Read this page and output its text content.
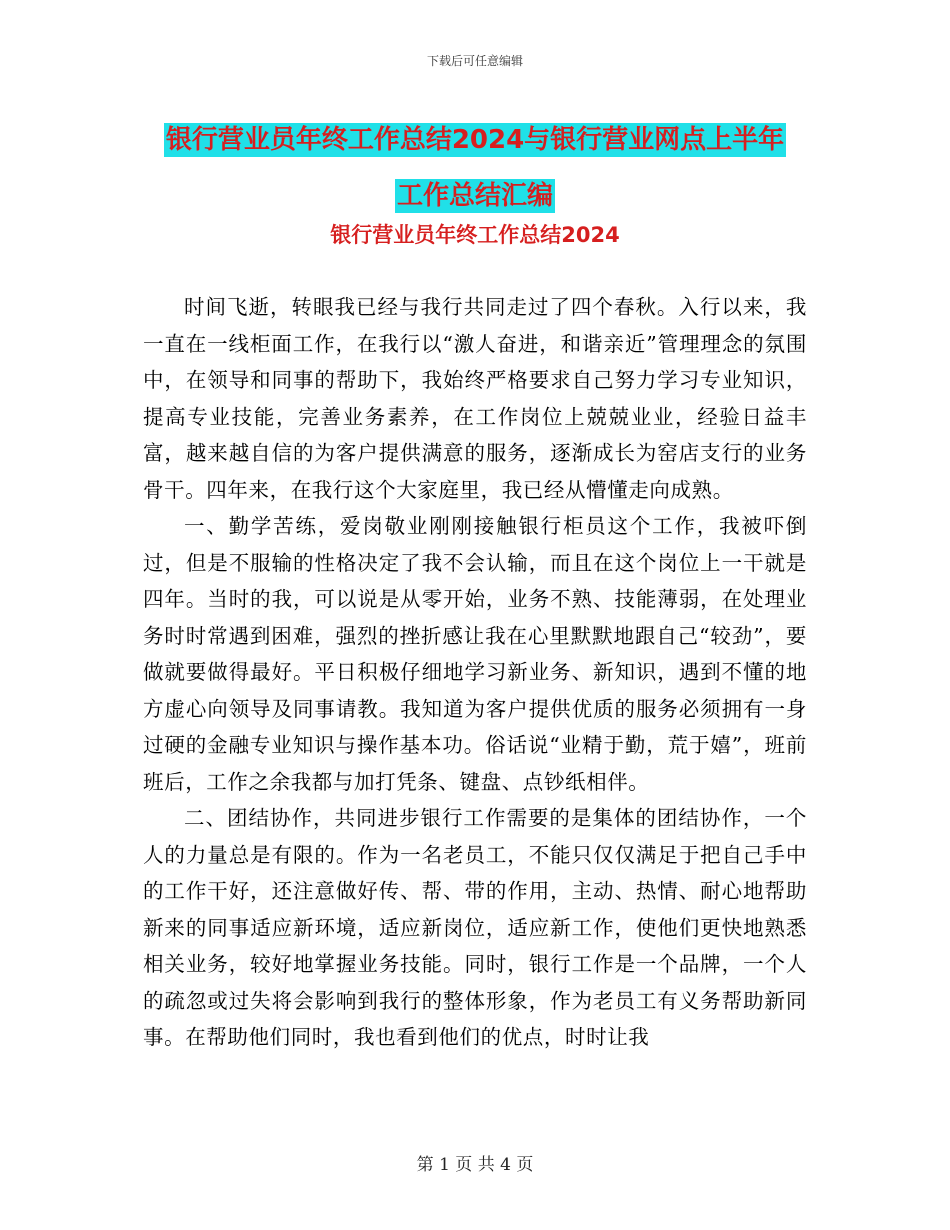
下载后可任意编辑
银行营业员年终工作总结2024与银行营业网点上半年
工作总结汇编
银行营业员年终工作总结2024

时间飞逝，转眼我已经与我行共同走过了四个春秋。入行以来，我一直在一线柜面工作，在我行以“激人奋进，和谐亲近”管理理念的氛围中，在领导和同事的帮助下，我始终严格要求自己努力学习专业知识，提高专业技能，完善业务素养，在工作岗位上兢兢业业，经验日益丰富，越来越自信的为客户提供满意的服务，逐渐成长为窑店支行的业务骨干。四年来，在我行这个大家庭里，我已经从懵懂走向成熟。

一、勤学苦练，爱岗敬业刚刚接触银行柜员这个工作，我被吓倒过，但是不服输的性格决定了我不会认输，而且在这个岗位上一干就是四年。当时的我，可以说是从零开始，业务不熟、技能薄弱，在处理业务时时常遇到困难，强烈的挫折感让我在心里默默地跟自己“较劲”，要做就要做得最好。平日积极仔细地学习新业务、新知识，遇到不懂的地方虚心向领导及同事请教。我知道为客户提供优质的服务必须拥有一身过硬的金融专业知识与操作基本功。俗话说“业精于勤，荒于嬉”，班前班后，工作之余我都与加打凭条、键盘、点钞纸相伴。

二、团结协作，共同进步银行工作需要的是集体的团结协作，一个人的力量总是有限的。作为一名老员工，不能只仅仅满足于把自己手中的工作干好，还注意做好传、帮、带的作用，主动、热情、耐心地帮助新来的同事适应新环境，适应新岗位，适应新工作，使他们更快地熟悉相关业务，较好地掌握业务技能。同时，银行工作是一个品牌，一个人的疏忽或过失将会影响到我行的整体形象，作为老员工有义务帮助新同事。在帮助他们同时，我也看到他们的优点，时时让我

第 1 页 共 4 页
